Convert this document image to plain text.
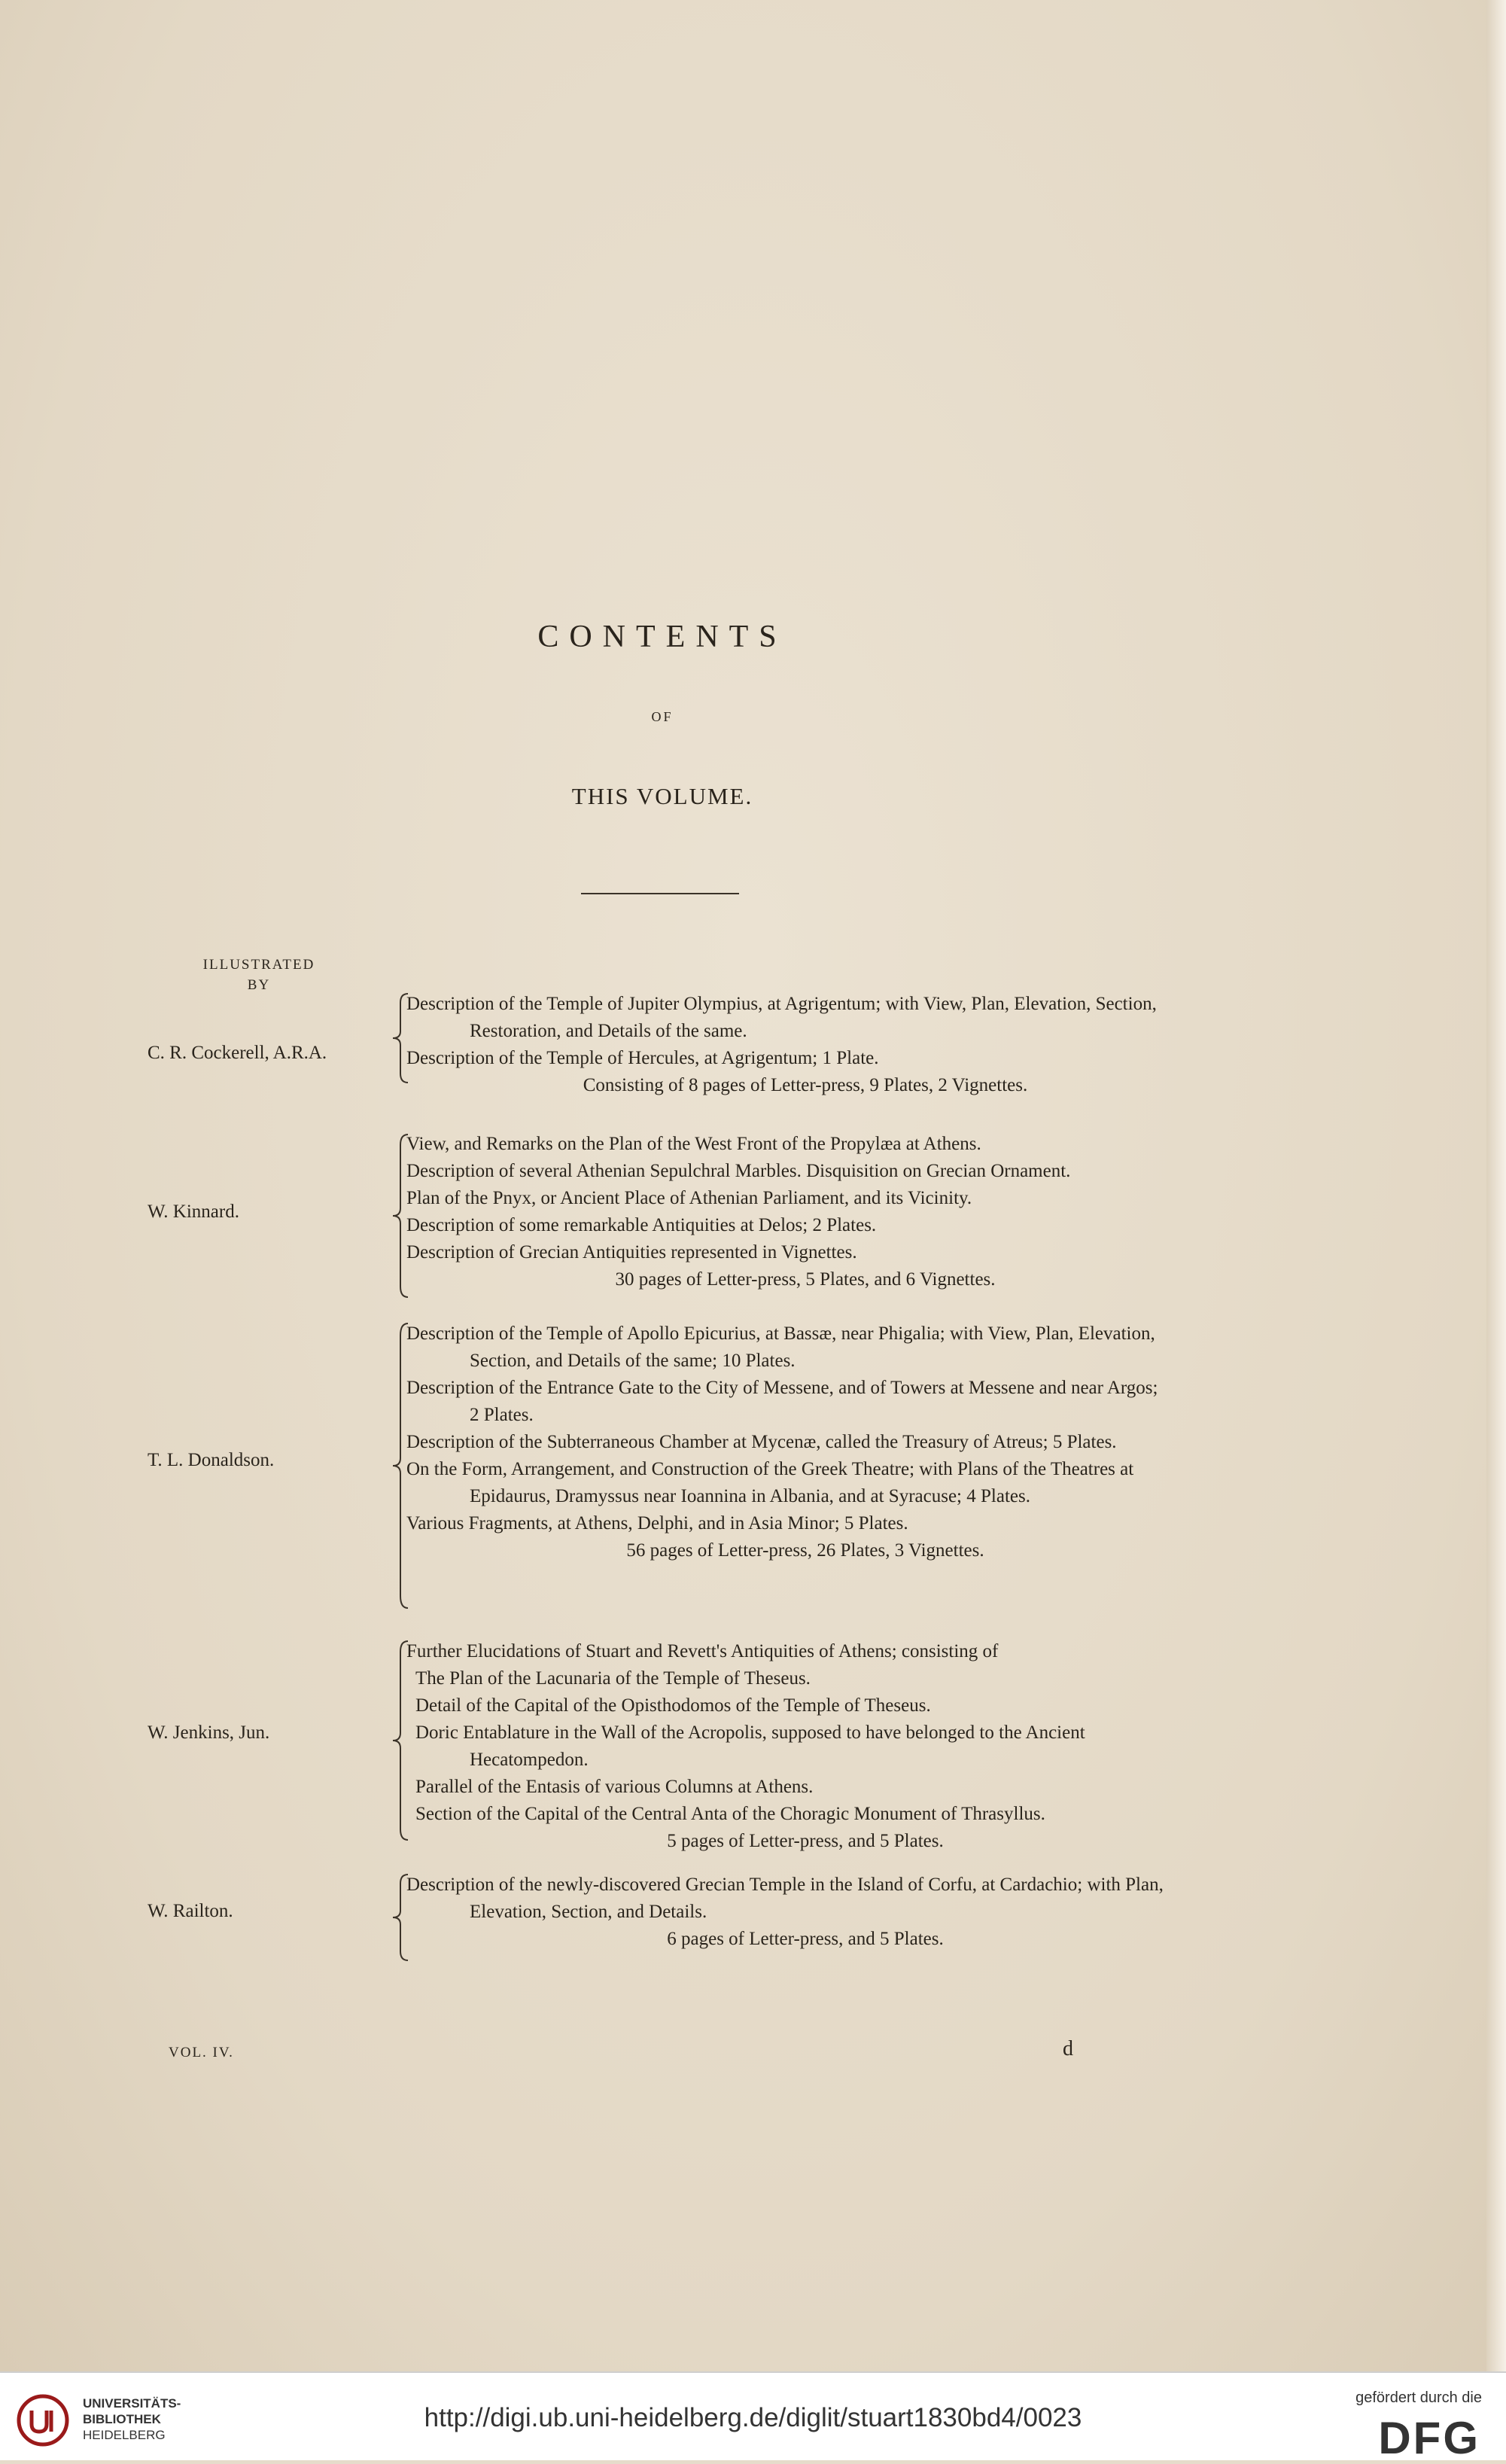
CONTENTS
OF
THIS VOLUME.
ILLUSTRATED
BY
C. R. Cockerell, A.R.A.
Description of the Temple of Jupiter Olympius, at Agrigentum; with View, Plan, Elevation, Section, Restoration, and Details of the same.
Description of the Temple of Hercules, at Agrigentum; 1 Plate.
Consisting of 8 pages of Letter-press, 9 Plates, 2 Vignettes.
W. Kinnard.
View, and Remarks on the Plan of the West Front of the Propylæa at Athens.
Description of several Athenian Sepulchral Marbles. Disquisition on Grecian Ornament.
Plan of the Pnyx, or Ancient Place of Athenian Parliament, and its Vicinity.
Description of some remarkable Antiquities at Delos; 2 Plates.
Description of Grecian Antiquities represented in Vignettes.
30 pages of Letter-press, 5 Plates, and 6 Vignettes.
T. L. Donaldson.
Description of the Temple of Apollo Epicurius, at Bassæ, near Phigalia; with View, Plan, Elevation, Section, and Details of the same; 10 Plates.
Description of the Entrance Gate to the City of Messene, and of Towers at Messene and near Argos; 2 Plates.
Description of the Subterraneous Chamber at Mycenæ, called the Treasury of Atreus; 5 Plates.
On the Form, Arrangement, and Construction of the Greek Theatre; with Plans of the Theatres at Epidaurus, Dramyssus near Ioannina in Albania, and at Syracuse; 4 Plates.
Various Fragments, at Athens, Delphi, and in Asia Minor; 5 Plates.
56 pages of Letter-press, 26 Plates, 3 Vignettes.
W. Jenkins, Jun.
Further Elucidations of Stuart and Revett's Antiquities of Athens; consisting of
The Plan of the Lacunaria of the Temple of Theseus.
Detail of the Capital of the Opisthodomos of the Temple of Theseus.
Doric Entablature in the Wall of the Acropolis, supposed to have belonged to the Ancient Hecatompedon.
Parallel of the Entasis of various Columns at Athens.
Section of the Capital of the Central Anta of the Choragic Monument of Thrasyllus.
5 pages of Letter-press, and 5 Plates.
W. Railton.
Description of the newly-discovered Grecian Temple in the Island of Corfu, at Cardachio; with Plan, Elevation, Section, and Details.
6 pages of Letter-press, and 5 Plates.
VOL. IV.	d
UNIVERSITÄTS-
BIBLIOTHEK
HEIDELBERG
http://digi.ub.uni-heidelberg.de/diglit/stuart1830bd4/0023
gefördert durch die
DFG
